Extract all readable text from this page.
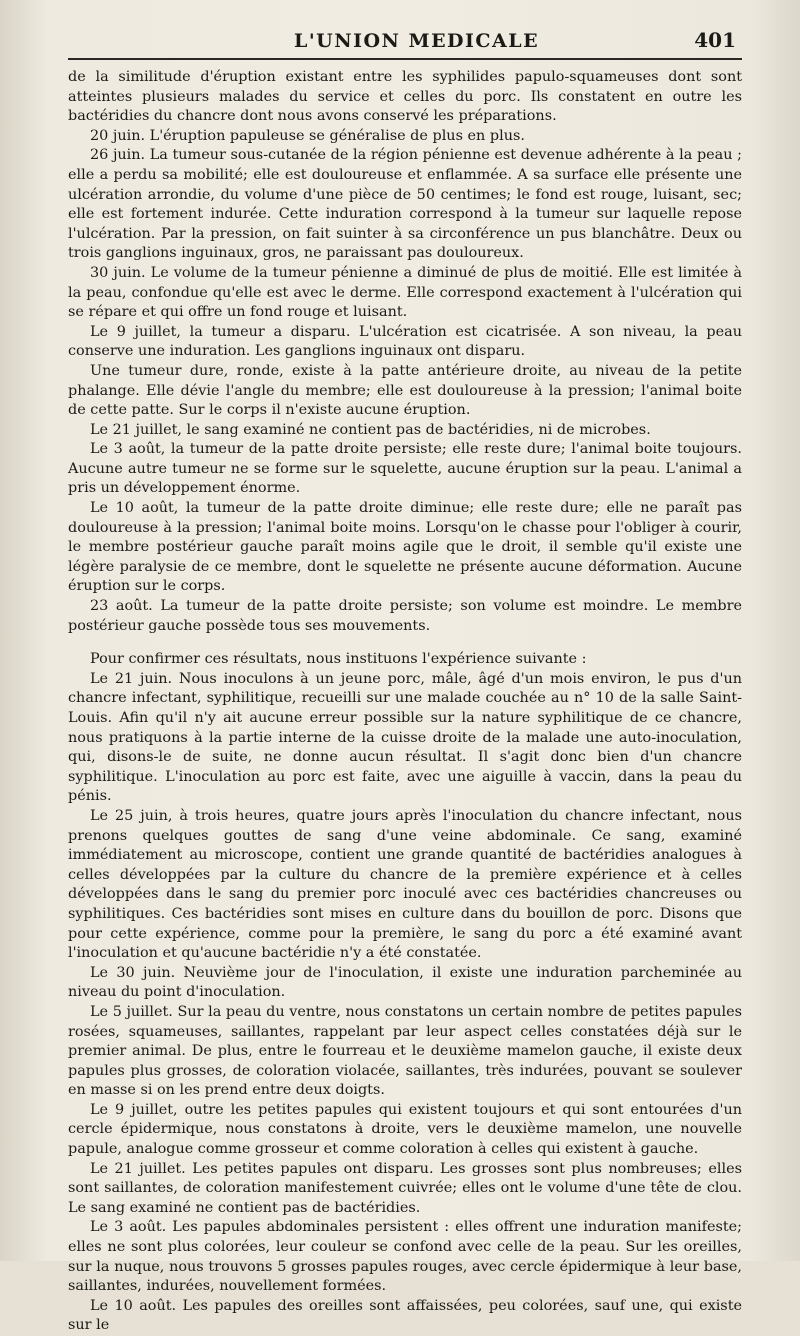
L'UNION MEDICALE	401

de la similitude d'éruption existant entre les syphilides papulo-squameuses dont sont atteintes plusieurs malades du service et celles du porc. Ils constatent en outre les bactéridies du chancre dont nous avons conservé les préparations.

20 juin. L'éruption papuleuse se généralise de plus en plus.

26 juin. La tumeur sous-cutanée de la région pénienne est devenue adhérente à la peau ; elle a perdu sa mobilité; elle est douloureuse et enflammée. A sa surface elle présente une ulcération arrondie, du volume d'une pièce de 50 centimes; le fond est rouge, luisant, sec; elle est fortement indurée. Cette induration correspond à la tumeur sur laquelle repose l'ulcération. Par la pression, on fait suinter à sa circonférence un pus blanchâtre. Deux ou trois ganglions inguinaux, gros, ne paraissant pas douloureux.

30 juin. Le volume de la tumeur pénienne a diminué de plus de moitié. Elle est limitée à la peau, confondue qu'elle est avec le derme. Elle correspond exactement à l'ulcération qui se répare et qui offre un fond rouge et luisant.

Le 9 juillet, la tumeur a disparu. L'ulcération est cicatrisée. A son niveau, la peau conserve une induration. Les ganglions inguinaux ont disparu.

Une tumeur dure, ronde, existe à la patte antérieure droite, au niveau de la petite phalange. Elle dévie l'angle du membre; elle est douloureuse à la pression; l'animal boite de cette patte. Sur le corps il n'existe aucune éruption.

Le 21 juillet, le sang examiné ne contient pas de bactéridies, ni de microbes.

Le 3 août, la tumeur de la patte droite persiste; elle reste dure; l'animal boite toujours. Aucune autre tumeur ne se forme sur le squelette, aucune éruption sur la peau. L'animal a pris un développement énorme.

Le 10 août, la tumeur de la patte droite diminue; elle reste dure; elle ne paraît pas douloureuse à la pression; l'animal boite moins. Lorsqu'on le chasse pour l'obliger à courir, le membre postérieur gauche paraît moins agile que le droit, il semble qu'il existe une légère paralysie de ce membre, dont le squelette ne présente aucune déformation. Aucune éruption sur le corps.

23 août. La tumeur de la patte droite persiste; son volume est moindre. Le membre postérieur gauche possède tous ses mouvements.

Pour confirmer ces résultats, nous instituons l'expérience suivante :

Le 21 juin. Nous inoculons à un jeune porc, mâle, âgé d'un mois environ, le pus d'un chancre infectant, syphilitique, recueilli sur une malade couchée au n° 10 de la salle Saint-Louis. Afin qu'il n'y ait aucune erreur possible sur la nature syphilitique de ce chancre, nous pratiquons à la partie interne de la cuisse droite de la malade une auto-inoculation, qui, disons-le de suite, ne donne aucun résultat. Il s'agit donc bien d'un chancre syphilitique. L'inoculation au porc est faite, avec une aiguille à vaccin, dans la peau du pénis.

Le 25 juin, à trois heures, quatre jours après l'inoculation du chancre infectant, nous prenons quelques gouttes de sang d'une veine abdominale. Ce sang, examiné immédiatement au microscope, contient une grande quantité de bactéridies analogues à celles développées par la culture du chancre de la première expérience et à celles développées dans le sang du premier porc inoculé avec ces bactéridies chancreuses ou syphilitiques. Ces bactéridies sont mises en culture dans du bouillon de porc. Disons que pour cette expérience, comme pour la première, le sang du porc a été examiné avant l'inoculation et qu'aucune bactéridie n'y a été constatée.

Le 30 juin. Neuvième jour de l'inoculation, il existe une induration parcheminée au niveau du point d'inoculation.

Le 5 juillet. Sur la peau du ventre, nous constatons un certain nombre de petites papules rosées, squameuses, saillantes, rappelant par leur aspect celles constatées déjà sur le premier animal. De plus, entre le fourreau et le deuxième mamelon gauche, il existe deux papules plus grosses, de coloration violacée, saillantes, très indurées, pouvant se soulever en masse si on les prend entre deux doigts.

Le 9 juillet, outre les petites papules qui existent toujours et qui sont entourées d'un cercle épidermique, nous constatons à droite, vers le deuxième mamelon, une nouvelle papule, analogue comme grosseur et comme coloration à celles qui existent à gauche.

Le 21 juillet. Les petites papules ont disparu. Les grosses sont plus nombreuses; elles sont saillantes, de coloration manifestement cuivrée; elles ont le volume d'une tête de clou. Le sang examiné ne contient pas de bactéridies.

Le 3 août. Les papules abdominales persistent : elles offrent une induration manifeste; elles ne sont plus colorées, leur couleur se confond avec celle de la peau. Sur les oreilles, sur la nuque, nous trouvons 5 grosses papules rouges, avec cercle épidermique à leur base, saillantes, indurées, nouvellement formées.

Le 10 août. Les papules des oreilles sont affaissées, peu colorées, sauf une, qui existe sur le
